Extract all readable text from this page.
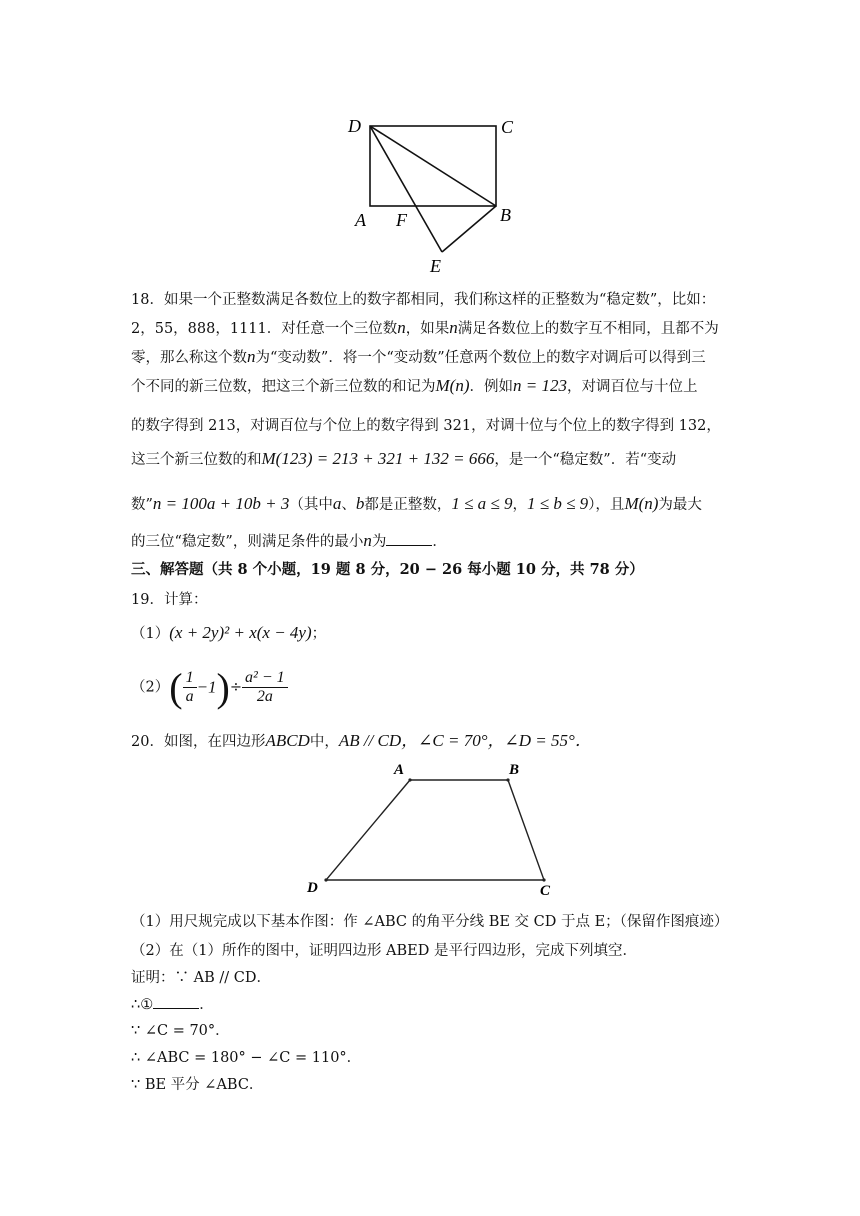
D	C
A F	B
E
18．如果一个正整数满足各数位上的数字都相同，我们称这样的正整数为“稳定数”，比如：
2，55，888，1111．对任意一个三位数n，如果n满足各数位上的数字互不相同，且都不为
零，那么称这个数n为“变动数”．将一个“变动数”任意两个数位上的数字对调后可以得到三
个不同的新三位数，把这三个新三位数的和记为M(n)．例如n = 123，对调百位与十位上
的数字得到 213，对调百位与个位上的数字得到 321，对调十位与个位上的数字得到 132，
这三个新三位数的和M(123) = 213 + 321 + 132 = 666，是一个“稳定数”．若“变动
数”n = 100a + 10b + 3（其中a、b都是正整数，1 ≤ a ≤ 9，1 ≤ b ≤ 9），且M(n)为最大
的三位“稳定数”，则满足条件的最小n为	．
三、解答题（共 8 个小题，19 题 8 分，20 − 26 每小题 10 分，共 78 分）
19．计算：
（1）(x + 2y)² + x(x − 4y)；
$(2)( \frac{1}{a} -1)\div \frac{\text{a² − 1}}{2a}$
20．如图，在四边形ABCD中，AB // CD，∠C = 70°，∠D = 55°．
A	B
C
D
（1）用尺规完成以下基本作图：作 ∠ABC 的角平分线 BE 交 CD 于点 E；（保留作图痕迹）
（2）在（1）所作的图中，证明四边形 ABED 是平行四边形，完成下列填空．
证明：∵ AB // CD．
∴①	．
∵ ∠C = 70°．
∴ ∠ABC = 180° − ∠C = 110°．
∵ BE 平分 ∠ABC．
